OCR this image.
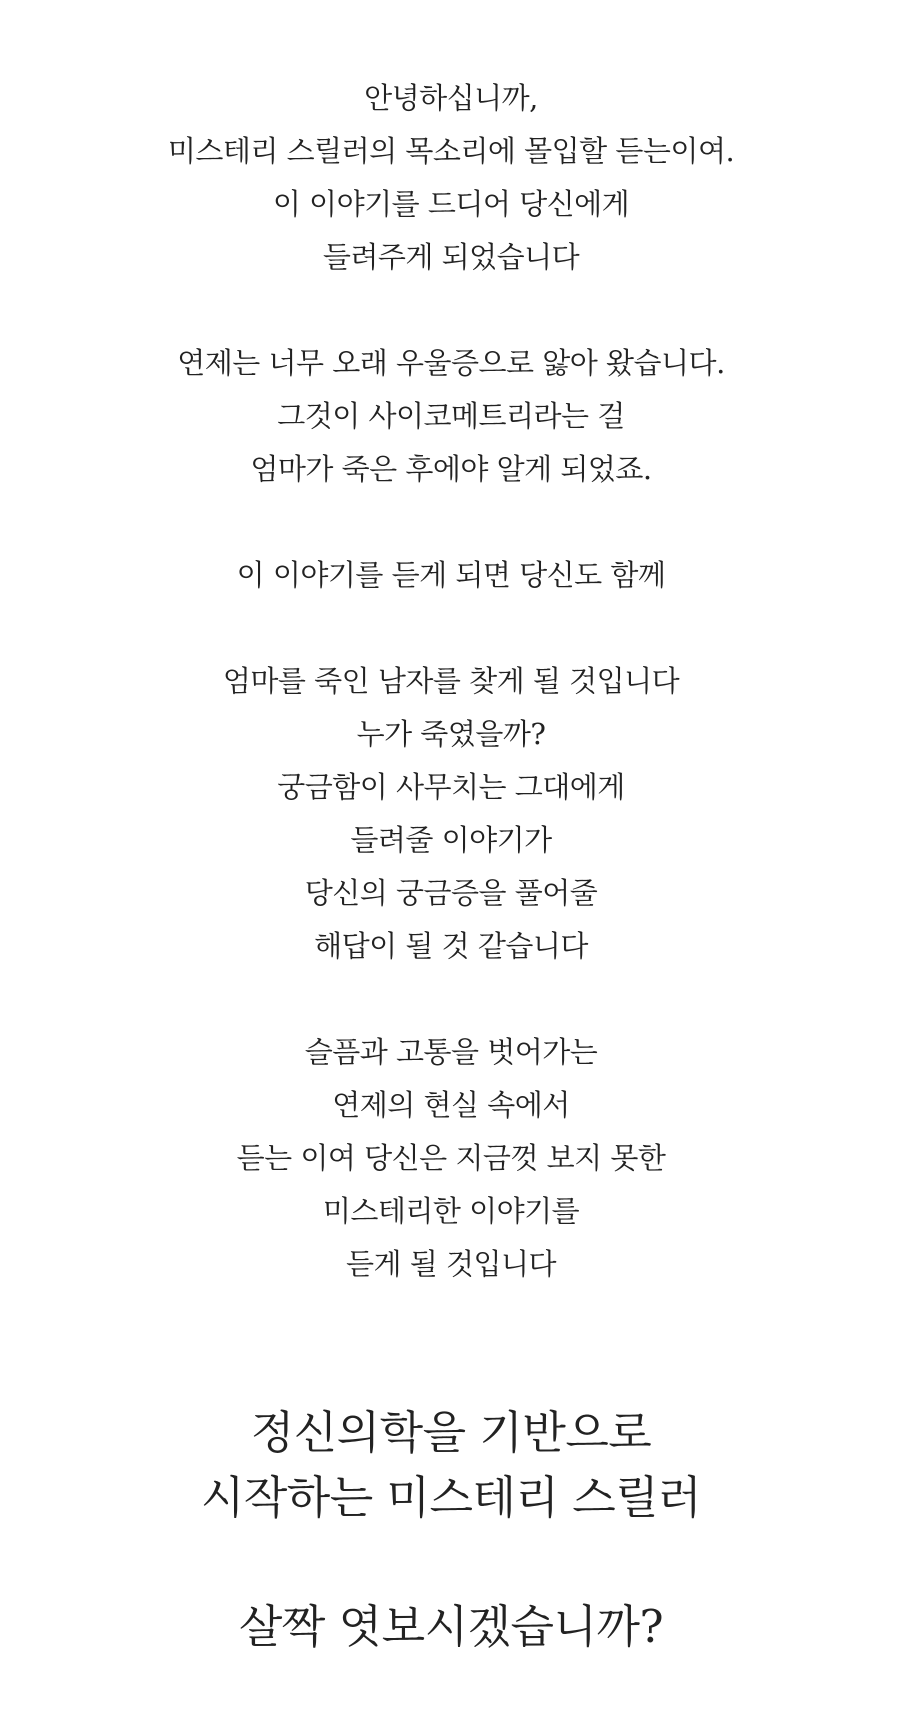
안녕하십니까,
미스테리 스릴러의 목소리에 몰입할 듣는이여.
이 이야기를 드디어 당신에게
들려주게 되었습니다

연제는 너무 오래 우울증으로 앓아 왔습니다.
그것이 사이코메트리라는 걸
엄마가 죽은 후에야 알게 되었죠.

이 이야기를 듣게 되면 당신도 함께

엄마를 죽인 남자를 찾게 될 것입니다
누가 죽였을까?
궁금함이 사무치는 그대에게
들려줄 이야기가
당신의 궁금증을 풀어줄
해답이 될 것 같습니다

슬픔과 고통을 벗어가는
연제의 현실 속에서
듣는 이여 당신은 지금껏 보지 못한
미스테리한 이야기를
듣게 될 것입니다

정신의학을 기반으로
시작하는 미스테리 스릴러
살짝 엿보시겠습니까?
